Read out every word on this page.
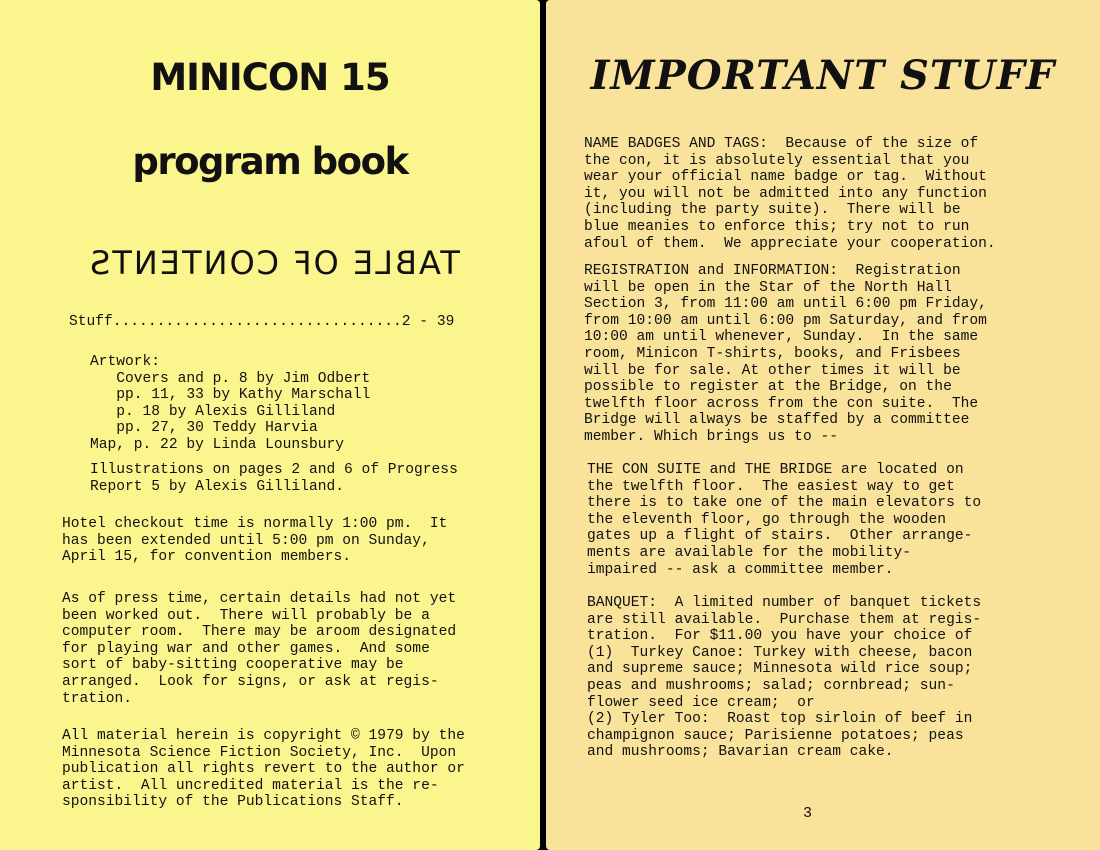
MINICON 15
program book
TABLE OF CONTENTS
Stuff.................................2 - 39
Artwork:
Covers and p. 8 by Jim Odbert
pp. 11, 33 by Kathy Marschall
p. 18 by Alexis Gilliland
pp. 27, 30 Teddy Harvia
Map, p. 22 by Linda Lounsbury
Illustrations on pages 2 and 6 of Progress
Report 5 by Alexis Gilliland.
Hotel checkout time is normally 1:00 pm.  It
has been extended until 5:00 pm on Sunday,
April 15, for convention members.
As of press time, certain details had not yet
been worked out.  There will probably be a
computer room.  There may be aroom designated
for playing war and other games.  And some
sort of baby-sitting cooperative may be
arranged.  Look for signs, or ask at regis-
tration.
All material herein is copyright © 1979 by the
Minnesota Science Fiction Society, Inc.  Upon
publication all rights revert to the author or
artist.  All uncredited material is the re-
sponsibility of the Publications Staff.
IMPORTANT STUFF
NAME BADGES AND TAGS:  Because of the size of
the con, it is absolutely essential that you
wear your official name badge or tag.  Without
it, you will not be admitted into any function
(including the party suite).  There will be
blue meanies to enforce this; try not to run
afoul of them.  We appreciate your cooperation.
REGISTRATION and INFORMATION:  Registration
will be open in the Star of the North Hall
Section 3, from 11:00 am until 6:00 pm Friday,
from 10:00 am until 6:00 pm Saturday, and from
10:00 am until whenever, Sunday.  In the same
room, Minicon T-shirts, books, and Frisbees
will be for sale. At other times it will be
possible to register at the Bridge, on the
twelfth floor across from the con suite.  The
Bridge will always be staffed by a committee
member. Which brings us to --
THE CON SUITE and THE BRIDGE are located on
the twelfth floor.  The easiest way to get
there is to take one of the main elevators to
the eleventh floor, go through the wooden
gates up a flight of stairs.  Other arrange-
ments are available for the mobility-
impaired -- ask a committee member.
BANQUET:  A limited number of banquet tickets
are still available.  Purchase them at regis-
tration.  For $11.00 you have your choice of
(1)  Turkey Canoe: Turkey with cheese, bacon
and supreme sauce; Minnesota wild rice soup;
peas and mushrooms; salad; cornbread; sun-
flower seed ice cream;  or
(2) Tyler Too:  Roast top sirloin of beef in
champignon sauce; Parisienne potatoes; peas
and mushrooms; Bavarian cream cake.
3
